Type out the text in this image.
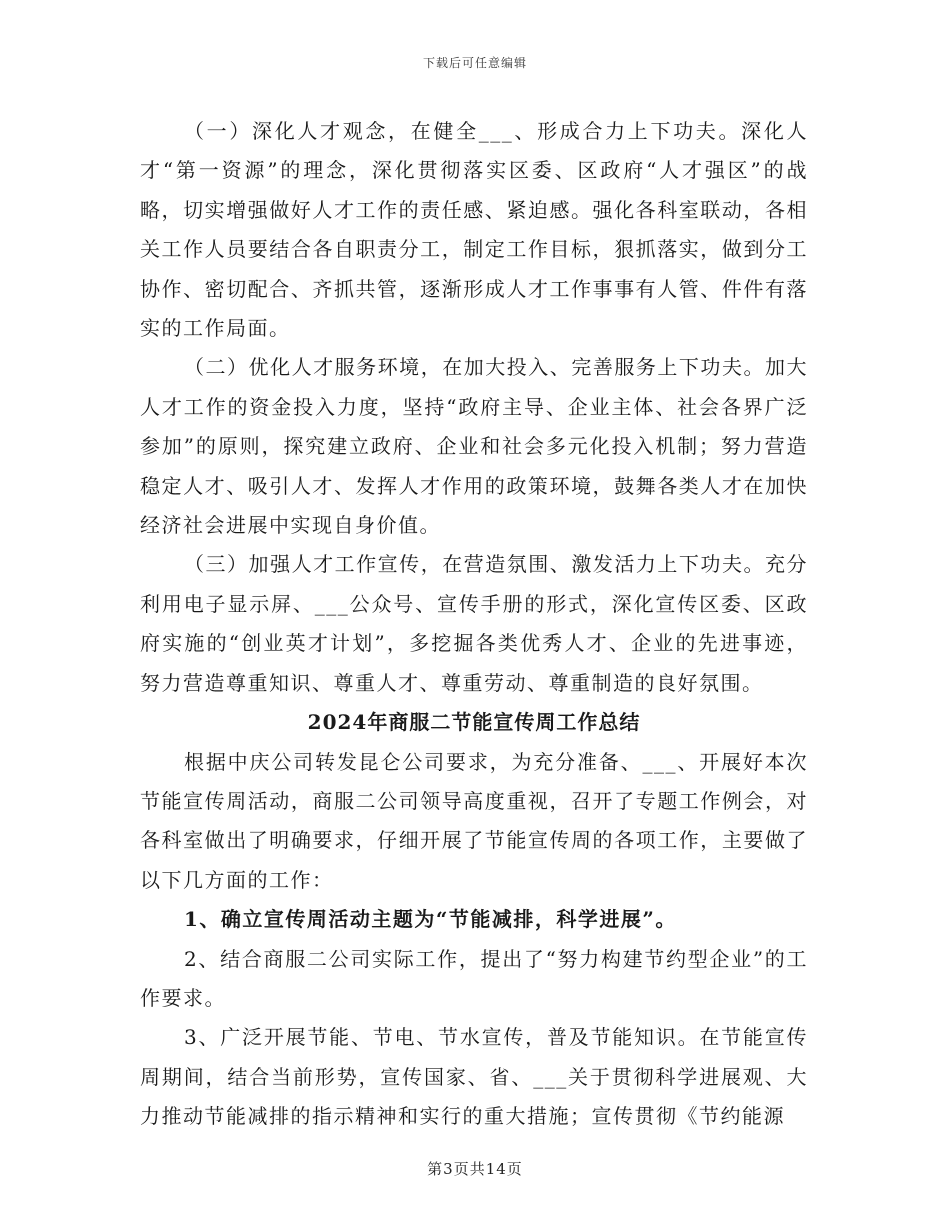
下载后可任意编辑

（一）深化人才观念，在健全___、形成合力上下功夫。深化人才“第一资源”的理念，深化贯彻落实区委、区政府“人才强区”的战略，切实增强做好人才工作的责任感、紧迫感。强化各科室联动，各相关工作人员要结合各自职责分工，制定工作目标，狠抓落实，做到分工协作、密切配合、齐抓共管，逐渐形成人才工作事事有人管、件件有落实的工作局面。

（二）优化人才服务环境，在加大投入、完善服务上下功夫。加大人才工作的资金投入力度，坚持“政府主导、企业主体、社会各界广泛参加”的原则，探究建立政府、企业和社会多元化投入机制；努力营造稳定人才、吸引人才、发挥人才作用的政策环境，鼓舞各类人才在加快经济社会进展中实现自身价值。

（三）加强人才工作宣传，在营造氛围、激发活力上下功夫。充分利用电子显示屏、___公众号、宣传手册的形式，深化宣传区委、区政府实施的“创业英才计划”，多挖掘各类优秀人才、企业的先进事迹，努力营造尊重知识、尊重人才、尊重劳动、尊重制造的良好氛围。

2024年商服二节能宣传周工作总结

根据中庆公司转发昆仑公司要求，为充分准备、___、开展好本次节能宣传周活动，商服二公司领导高度重视，召开了专题工作例会，对各科室做出了明确要求，仔细开展了节能宣传周的各项工作，主要做了以下几方面的工作：

1、确立宣传周活动主题为“节能减排，科学进展”。

2、结合商服二公司实际工作，提出了“努力构建节约型企业”的工作要求。

3、广泛开展节能、节电、节水宣传，普及节能知识。在节能宣传周期间，结合当前形势，宣传国家、省、___关于贯彻科学进展观、大力推动节能减排的指示精神和实行的重大措施；宣传贯彻《节约能源

第3页共14页
